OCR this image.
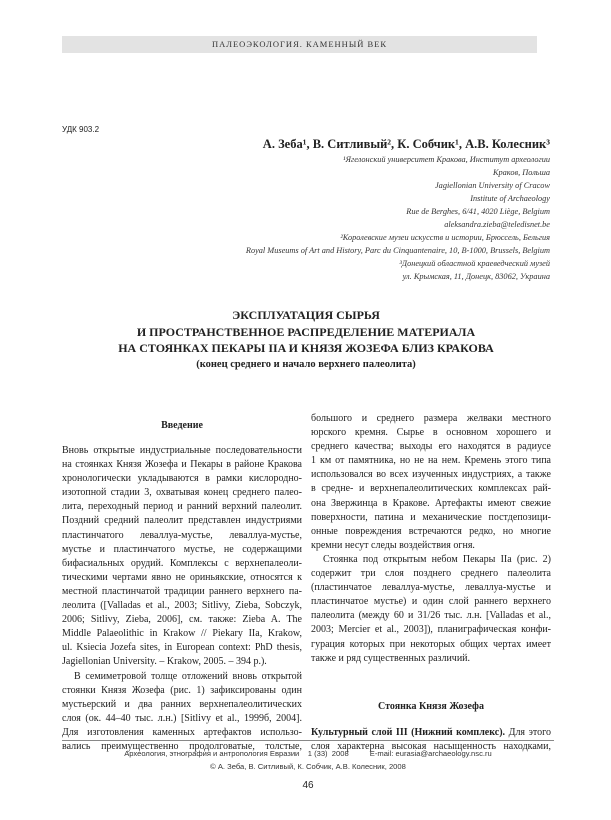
ПАЛЕОЭКОЛОГИЯ. КАМЕННЫЙ ВЕК
УДК 903.2
А. Зеба¹, В. Ситливый², К. Собчик¹, А.В. Колесник³
¹Ягелонский университет Кракова, Институт археологии
Краков, Польша
Jagiellonian University of Cracow
Institute of Archaeology
Rue de Berghes, 6/41, 4020 Liège, Belgium
aleksandra.zieba@teledisnet.be
²Королевские музеи искусств и истории, Брюссель, Бельгия
Royal Museums of Art and History, Parc du Cinquantenaire, 10, B-1000, Brussels, Belgium
³Донецкий областной краеведческий музей
ул. Крымская, 11, Донецк, 83062, Украина
ЭКСПЛУАТАЦИЯ СЫРЬЯ
И ПРОСТРАНСТВЕННОЕ РАСПРЕДЕЛЕНИЕ МАТЕРИАЛА
НА СТОЯНКАХ ПЕКАРЫ IIA И КНЯЗЯ ЖОЗЕФА БЛИЗ КРАКОВА
(конец среднего и начало верхнего палеолита)
Введение
Вновь открытые индустриальные последовательности
на стоянках Князя Жозефа и Пекары в районе Кракова
хронологически укладываются в рамки кислородно-
изотопной стадии 3, охватывая конец среднего палео-
лита, переходный период и ранний верхний палеолит.
Поздний средний палеолит представлен индустриями
пластинчатого леваллуа-мустье, леваллуа-мустье,
мустье и пластинчатого мустье, не содержащими
бифасиальных орудий. Комплексы с верхнепалеоли-
тическими чертами явно не ориньякские, относятся к
местной пластинчатой традиции раннего верхнего па-
леолита ([Valladas et al., 2003; Sitlivy, Zieba, Sobczyk,
2006; Sitlivy, Zieba, 2006], см. также: Zieba A. The
Middle Palaeolithic in Krakow // Piekary IIa, Krakow,
ul. Ksiecia Jozefa sites, in European context: PhD thesis,
Jagiellonian University. – Krakow, 2005. – 394 p.).
В семиметровой толще отложений вновь открытой
стоянки Князя Жозефа (рис. 1) зафиксированы один
мустьерский и два ранних верхнепалеолитических
слоя (ок. 44–40 тыс. л.н.) [Sitlivy et al., 1999б, 2004].
Для изготовления каменных артефактов использо-
вались преимущественно продолговатые, толстые,
большого и среднего размера желваки местного
юрского кремня. Сырье в основном хорошего и
среднего качества; выходы его находятся в радиусе
1 км от памятника, но не на нем. Кремень этого типа
использовался во всех изученных индустриях, а также
в средне- и верхнепалеолитических комплексах рай-
она Звержинца в Кракове. Артефакты имеют свежие
поверхности, патина и механические постдепозици-
онные повреждения встречаются редко, но многие
кремни несут следы воздействия огня.
Стоянка под открытым небом Пекары IIa (рис. 2)
содержит три слоя позднего среднего палеолита
(пластинчатое леваллуа-мустье, леваллуа-мустье и
пластинчатое мустье) и один слой раннего верхнего
палеолита (между 60 и 31/26 тыс. л.н. [Valladas et al.,
2003; Mercier et al., 2003]), планиграфическая конфи-
гурация которых при некоторых общих чертах имеет
также и ряд существенных различий.
Стоянка Князя Жозефа
Культурный слой III (Нижний комплекс). Для этого
слоя характерна высокая насыщенность находками,
Археология, этнография и антропология Евразии    1 (33)  2008          E-mail: eurasia@archaeology.nsc.ru
© А. Зеба, В. Ситливый, К. Собчик, А.В. Колесник, 2008
46
